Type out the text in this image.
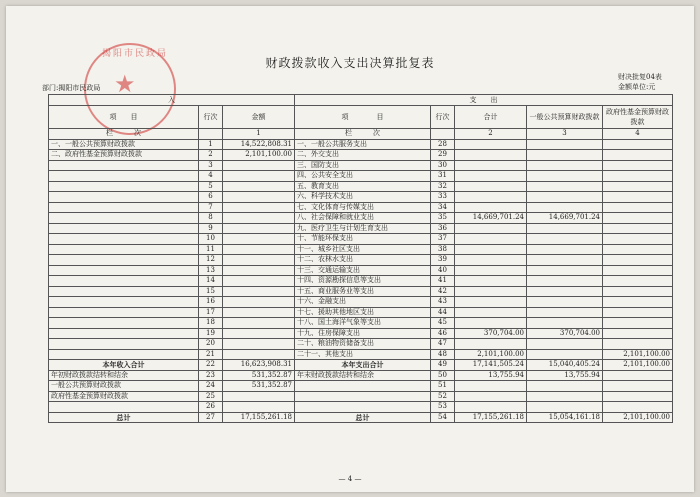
揭阳市民政局
★
财政拨款收入支出决算批复表
部门:揭阳市民政局
财决批复04表
金额单位:元
入			支　　出				
项　　目	行次	金额	项　　　　目	行次	合计	一般公共预算财政拨款	政府性基金预算财政拨款
栏　　　次		1	栏　　　次		2	3	4
一、一般公共预算财政拨款	1	14,522,808.31	一、一般公共服务支出	28			
二、政府性基金预算财政拨款	2	2,101,100.00	二、外交支出	29			
	3		三、国防支出	30			
	4		四、公共安全支出	31			
	5		五、教育支出	32			
	6		六、科学技术支出	33			
	7		七、文化体育与传媒支出	34			
	8		八、社会保障和就业支出	35	14,669,701.24	14,669,701.24	
	9		九、医疗卫生与计划生育支出	36			
	10		十、节能环保支出	37			
	11		十一、城乡社区支出	38			
	12		十二、农林水支出	39			
	13		十三、交通运输支出	40			
	14		十四、资源勘探信息等支出	41			
	15		十五、商业服务业等支出	42			
	16		十六、金融支出	43			
	17		十七、援助其他地区支出	44			
	18		十八、国土海洋气象等支出	45			
	19		十九、住房保障支出	46	370,704.00	370,704.00	
	20		二十、粮油物资储备支出	47			
	21		二十一、其他支出	48	2,101,100.00		2,101,100.00
本年收入合计	22	16,623,908.31	本年支出合计	49	17,141,505.24	15,040,405.24	2,101,100.00
年初财政拨款结转和结余	23	531,352.87	年末财政拨款结转和结余	50	13,755.94	13,755.94	
一般公共预算财政拨款	24	531,352.87		51			
政府性基金预算财政拨款	25			52			
	26			53			
总计	27	17,155,261.18	总计	54	17,155,261.18	15,054,161.18	2,101,100.00
— 4 —
